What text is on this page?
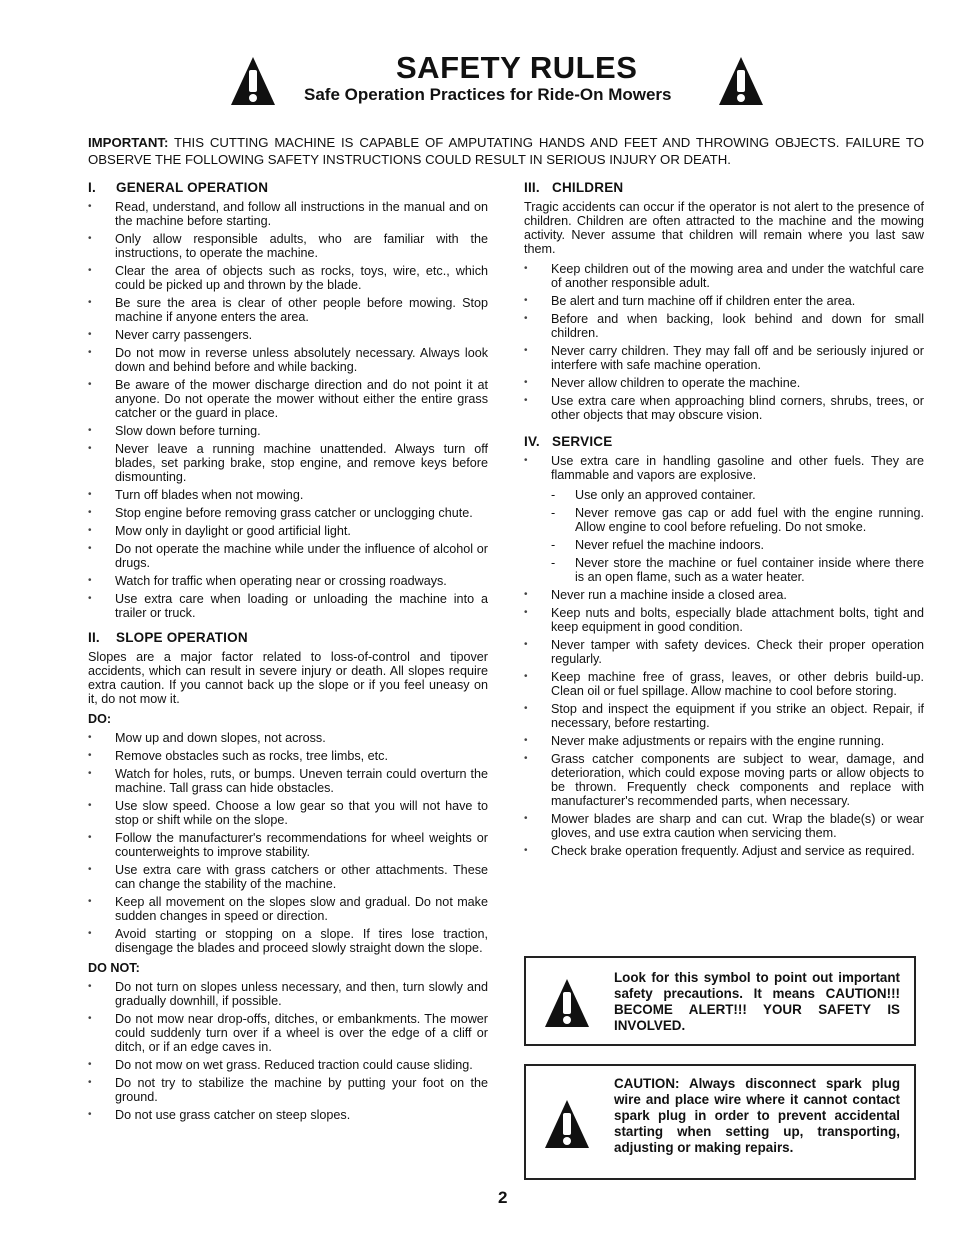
SAFETY RULES
Safe Operation Practices for Ride-On Mowers

IMPORTANT: THIS CUTTING MACHINE IS CAPABLE OF AMPUTATING HANDS AND FEET AND THROWING OBJECTS. FAILURE TO OBSERVE THE FOLLOWING SAFETY INSTRUCTIONS COULD RESULT IN SERIOUS INJURY OR DEATH.

I. GENERAL OPERATION
• Read, understand, and follow all instructions in the manual and on the machine before starting.
• Only allow responsible adults, who are familiar with the instructions, to operate the machine.
• Clear the area of objects such as rocks, toys, wire, etc., which could be picked up and thrown by the blade.
• Be sure the area is clear of other people before mowing. Stop machine if anyone enters the area.
• Never carry passengers.
• Do not mow in reverse unless absolutely necessary. Always look down and behind before and while backing.
• Be aware of the mower discharge direction and do not point it at anyone. Do not operate the mower without either the entire grass catcher or the guard in place.
• Slow down before turning.
• Never leave a running machine unattended. Always turn off blades, set parking brake, stop engine, and remove keys before dismounting.
• Turn off blades when not mowing.
• Stop engine before removing grass catcher or unclogging chute.
• Mow only in daylight or good artificial light.
• Do not operate the machine while under the influence of alcohol or drugs.
• Watch for traffic when operating near or crossing roadways.
• Use extra care when loading or unloading the machine into a trailer or truck.
II. SLOPE OPERATION

Slopes are a major factor related to loss-of-control and tipover accidents, which can result in severe injury or death. All slopes require extra caution. If you cannot back up the slope or if you feel uneasy on it, do not mow it.

DO:
• Mow up and down slopes, not across.
• Remove obstacles such as rocks, tree limbs, etc.
• Watch for holes, ruts, or bumps. Uneven terrain could overturn the machine. Tall grass can hide obstacles.
• Use slow speed. Choose a low gear so that you will not have to stop or shift while on the slope.
• Follow the manufacturer's recommendations for wheel weights or counterweights to improve stability.
• Use extra care with grass catchers or other attachments. These can change the stability of the machine.
• Keep all movement on the slopes slow and gradual. Do not make sudden changes in speed or direction.
• Avoid starting or stopping on a slope. If tires lose traction, disengage the blades and proceed slowly straight down the slope.
DO NOT:
• Do not turn on slopes unless necessary, and then, turn slowly and gradually downhill, if possible.
• Do not mow near drop-offs, ditches, or embankments. The mower could suddenly turn over if a wheel is over the edge of a cliff or ditch, or if an edge caves in.
• Do not mow on wet grass. Reduced traction could cause sliding.
• Do not try to stabilize the machine by putting your foot on the ground.
• Do not use grass catcher on steep slopes.
III. CHILDREN

Tragic accidents can occur if the operator is not alert to the presence of children. Children are often attracted to the machine and the mowing activity. Never assume that children will remain where you last saw them.

• Keep children out of the mowing area and under the watchful care of another responsible adult.
• Be alert and turn machine off if children enter the area.
• Before and when backing, look behind and down for small children.
• Never carry children. They may fall off and be seriously injured or interfere with safe machine operation.
• Never allow children to operate the machine.
• Use extra care when approaching blind corners, shrubs, trees, or other objects that may obscure vision.
IV. SERVICE
• Use extra care in handling gasoline and other fuels. They are flammable and vapors are explosive.
- Use only an approved container.
- Never remove gas cap or add fuel with the engine running. Allow engine to cool before refueling. Do not smoke.
- Never refuel the machine indoors.
- Never store the machine or fuel container inside where there is an open flame, such as a water heater.
• Never run a machine inside a closed area.
• Keep nuts and bolts, especially blade attachment bolts, tight and keep equipment in good condition.
• Never tamper with safety devices. Check their proper operation regularly.
• Keep machine free of grass, leaves, or other debris build-up. Clean oil or fuel spillage. Allow machine to cool before storing.
• Stop and inspect the equipment if you strike an object. Repair, if necessary, before restarting.
• Never make adjustments or repairs with the engine running.
• Grass catcher components are subject to wear, damage, and deterioration, which could expose moving parts or allow objects to be thrown. Frequently check components and replace with manufacturer's recommended parts, when necessary.
• Mower blades are sharp and can cut. Wrap the blade(s) or wear gloves, and use extra caution when servicing them.
• Check brake operation frequently. Adjust and service as required.

Look for this symbol to point out important safety precautions. It means CAUTION!!! BECOME ALERT!!! YOUR SAFETY IS INVOLVED.

CAUTION: Always disconnect spark plug wire and place wire where it cannot contact spark plug in order to prevent accidental starting when setting up, transporting, adjusting or making repairs.

2
